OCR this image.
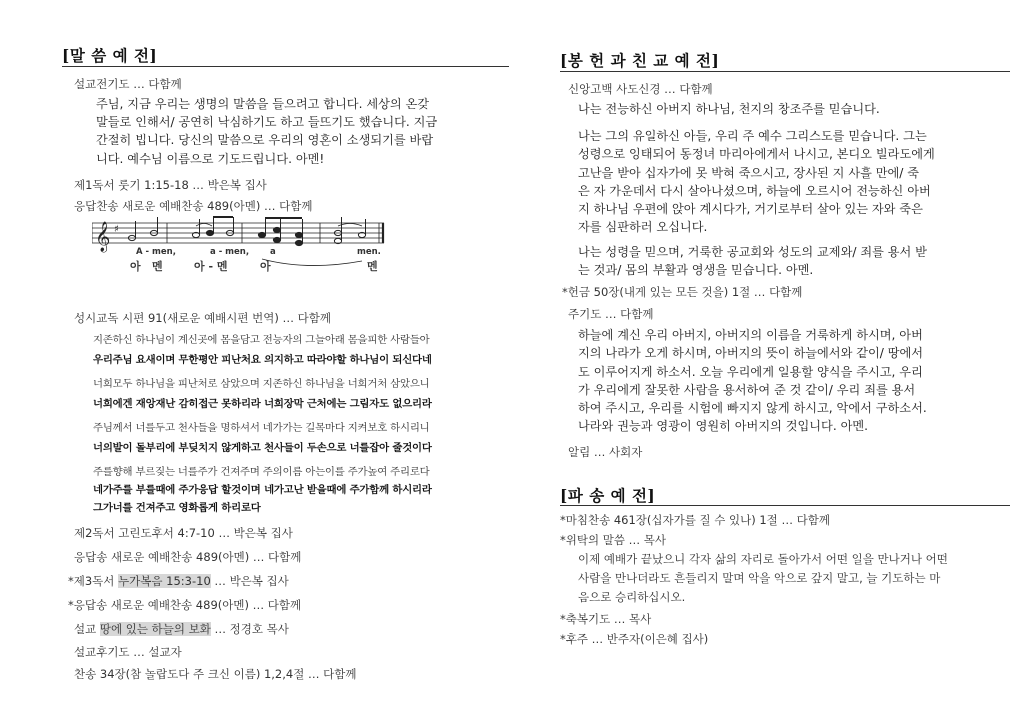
[말 씀 예 전]
설교전기도 … 다함께
주님, 지금 우리는 생명의 말씀을 들으려고 합니다. 세상의 온갖
말들로 인해서/ 공연히 낙심하기도 하고 들뜨기도 했습니다. 지금
간절히 빕니다. 당신의 말씀으로 우리의 영혼이 소생되기를 바랍
니다. 예수님 이름으로 기도드립니다. 아멘!
제1독서 룻기 1:15-18 … 박은복 집사
응답찬송 새로운 예배찬송 489(아멘) … 다함께
𝄞 ♯
A - men,	a - men, a	men.
아 멘	아 - 멘	아	멘
성시교독 시편 91(새로운 예배시편 번역) … 다함께
지존하신 하나님이 계신곳에 몸을담고 전능자의 그늘아래 몸을피한 사람들아
우리주님 요새이며 무한평안 피난처요 의지하고 따라야할 하나님이 되신다네
너희모두 하나님을 피난처로 삼았으며 지존하신 하나님을 너희거처 삼았으니
너희에겐 재앙재난 감히접근 못하리라 너희장막 근처에는 그림자도 없으리라
주님께서 너를두고 천사들을 명하셔서 네가가는 길목마다 지켜보호 하시리니
너의발이 돌부리에 부딪치지 않게하고 천사들이 두손으로 너를잡아 줄것이다
주를향해 부르짖는 너를주가 건져주며 주의이름 아는이를 주가높여 주리로다
네가주를 부를때에 주가응답 할것이며 네가고난 받을때에 주가함께 하시리라
그가너를 건져주고 영화롭게 하리로다
제2독서 고린도후서 4:7-10 … 박은복 집사
응답송 새로운 예배찬송 489(아멘) … 다함께
*제3독서 누가복음 15:3-10 … 박은복 집사
*응답송 새로운 예배찬송 489(아멘) … 다함께
설교 땅에 있는 하늘의 보화 … 정경호 목사
설교후기도 … 설교자
찬송 34장(참 놀랍도다 주 크신 이름) 1,2,4절 … 다함께
[봉 헌 과 친 교 예 전]
신앙고백 사도신경 … 다함께
나는 전능하신 아버지 하나님, 천지의 창조주를 믿습니다.
나는 그의 유일하신 아들, 우리 주 예수 그리스도를 믿습니다. 그는
성령으로 잉태되어 동정녀 마리아에게서 나시고, 본디오 빌라도에게
고난을 받아 십자가에 못 박혀 죽으시고, 장사된 지 사흘 만에/ 죽
은 자 가운데서 다시 살아나셨으며, 하늘에 오르시어 전능하신 아버
지 하나님 우편에 앉아 계시다가, 거기로부터 살아 있는 자와 죽은
자를 심판하러 오십니다.
나는 성령을 믿으며, 거룩한 공교회와 성도의 교제와/ 죄를 용서 받
는 것과/ 몸의 부활과 영생을 믿습니다. 아멘.
*헌금 50장(내게 있는 모든 것을) 1절 … 다함께
주기도 … 다함께
하늘에 계신 우리 아버지, 아버지의 이름을 거룩하게 하시며, 아버
지의 나라가 오게 하시며, 아버지의 뜻이 하늘에서와 같이/ 땅에서
도 이루어지게 하소서. 오늘 우리에게 일용할 양식을 주시고, 우리
가 우리에게 잘못한 사람을 용서하여 준 것 같이/ 우리 죄를 용서
하여 주시고, 우리를 시험에 빠지지 않게 하시고, 악에서 구하소서.
나라와 권능과 영광이 영원히 아버지의 것입니다. 아멘.
알림 … 사회자
[파 송 예 전]
*마침찬송 461장(십자가를 질 수 있나) 1절 … 다함께
*위탁의 말씀 … 목사
이제 예배가 끝났으니 각자 삶의 자리로 돌아가서 어떤 일을 만나거나 어떤
사람을 만나더라도 흔들리지 말며 악을 악으로 갚지 말고, 늘 기도하는 마
음으로 승리하십시오.
*축복기도 … 목사
*후주 … 반주자(이은혜 집사)
